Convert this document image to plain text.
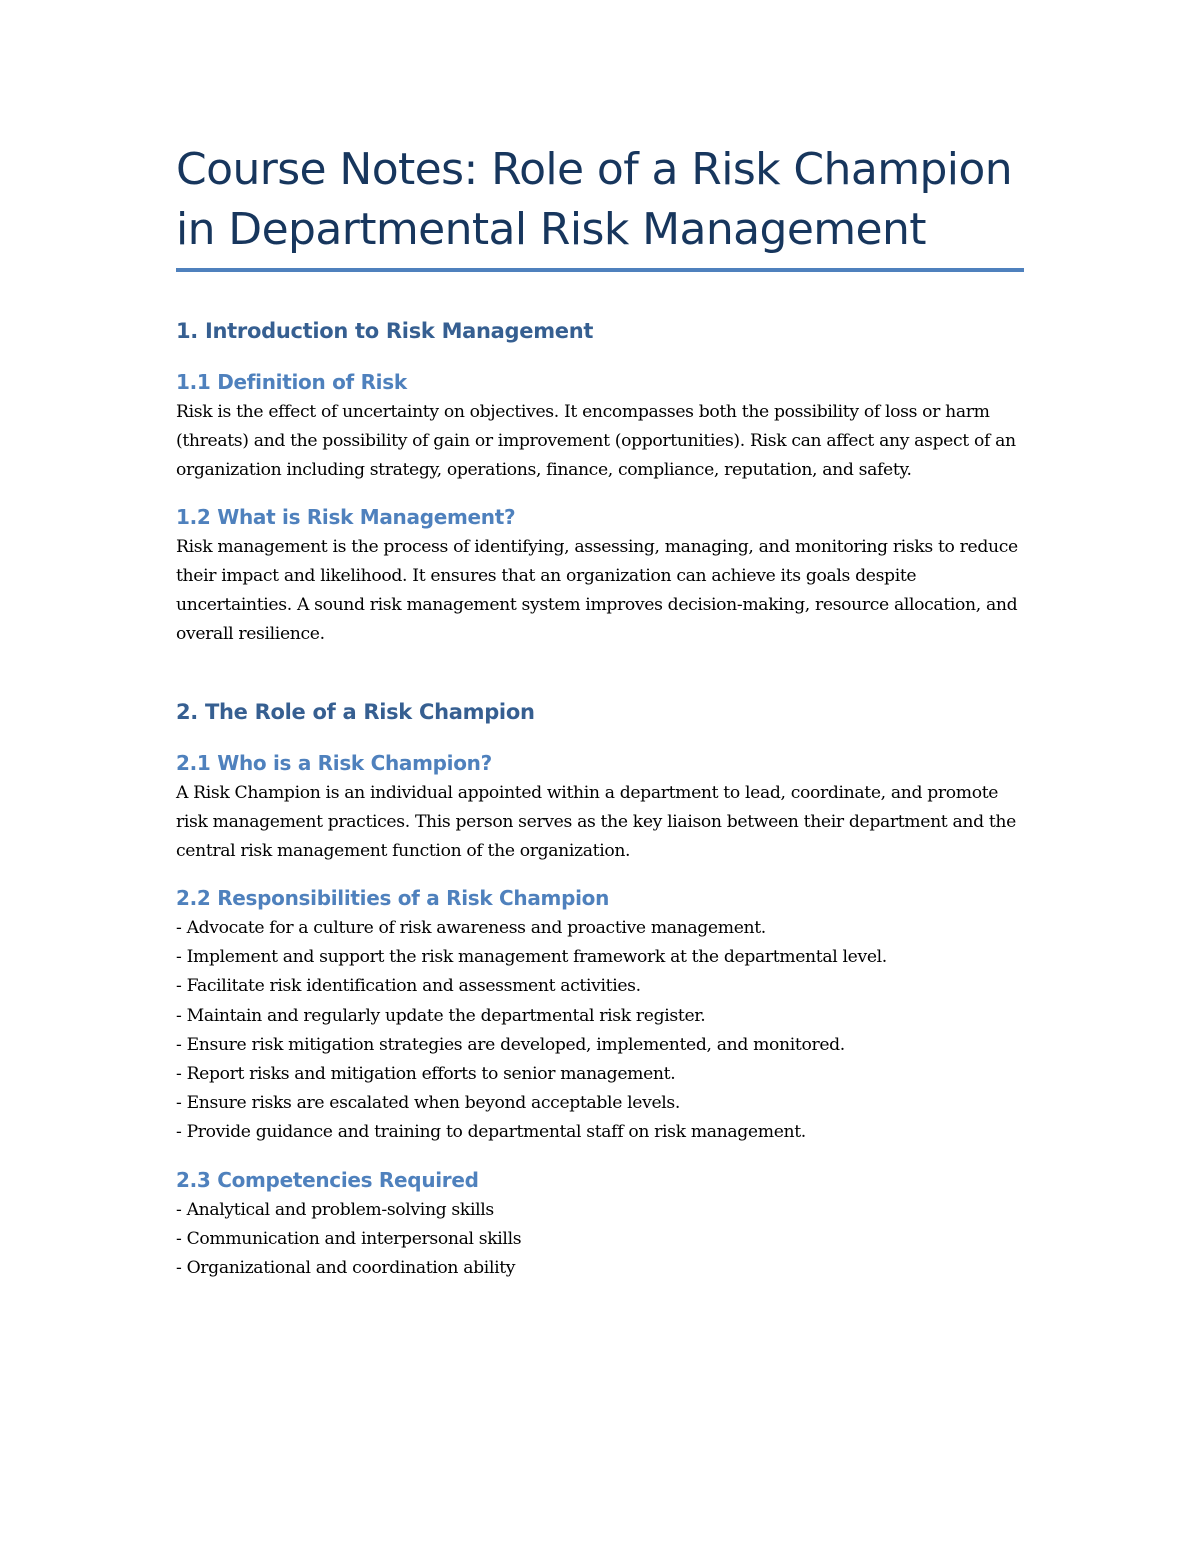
Course Notes: Role of a Risk Champion in Departmental Risk Management
1. Introduction to Risk Management
1.1 Definition of Risk

Risk is the effect of uncertainty on objectives. It encompasses both the possibility of loss or harm (threats) and the possibility of gain or improvement (opportunities). Risk can affect any aspect of an organization including strategy, operations, finance, compliance, reputation, and safety.

1.2 What is Risk Management?

Risk management is the process of identifying, assessing, managing, and monitoring risks to reduce their impact and likelihood. It ensures that an organization can achieve its goals despite uncertainties. A sound risk management system improves decision-making, resource allocation, and overall resilience.

2. The Role of a Risk Champion
2.1 Who is a Risk Champion?

A Risk Champion is an individual appointed within a department to lead, coordinate, and promote risk management practices. This person serves as the key liaison between their department and the central risk management function of the organization.

2.2 Responsibilities of a Risk Champion
- Advocate for a culture of risk awareness and proactive management.
- Implement and support the risk management framework at the departmental level.
- Facilitate risk identification and assessment activities.
- Maintain and regularly update the departmental risk register.
- Ensure risk mitigation strategies are developed, implemented, and monitored.
- Report risks and mitigation efforts to senior management.
- Ensure risks are escalated when beyond acceptable levels.
- Provide guidance and training to departmental staff on risk management.
2.3 Competencies Required
- Analytical and problem-solving skills
- Communication and interpersonal skills
- Organizational and coordination ability
